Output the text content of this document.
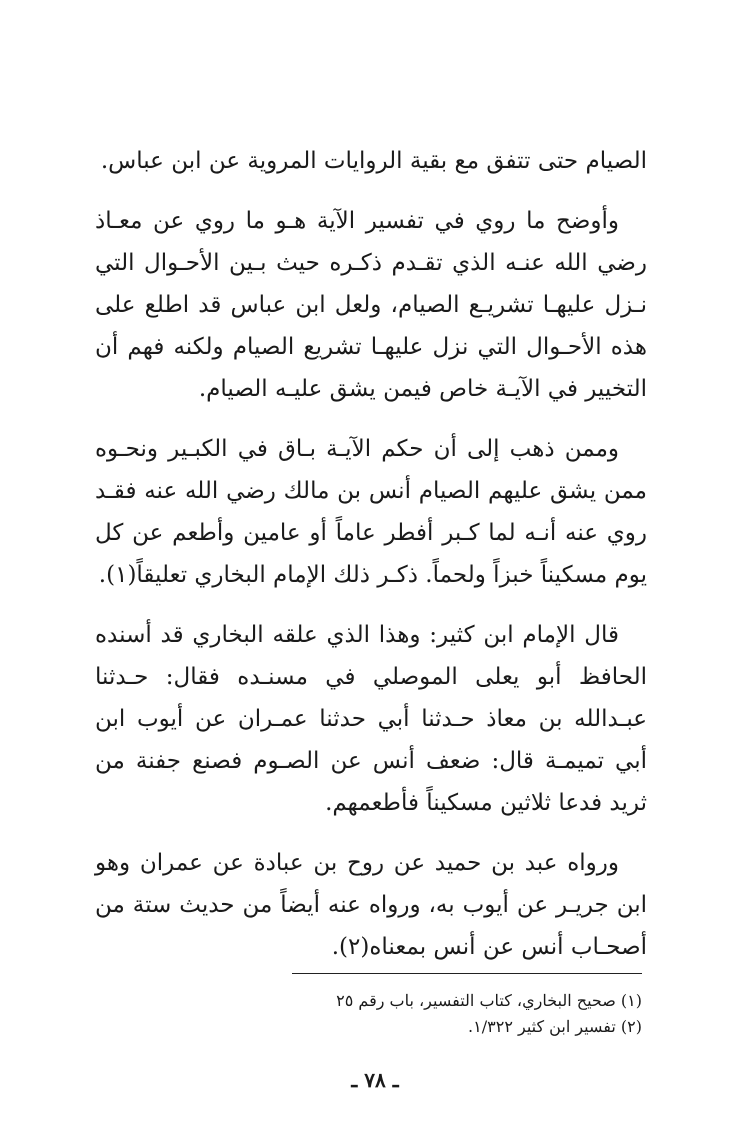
الصيام حتى تتفق مع بقية الروايات المروية عن ابن عباس.

وأوضح ما روي في تفسير الآية هـو ما روي عن معـاذ رضي الله عنـه الذي تقـدم ذكـره حيث بـين الأحـوال التي نـزل عليهـا تشريـع الصيام، ولعل ابن عباس قد اطلع على هذه الأحـوال التي نزل عليهـا تشريع الصيام ولكنه فهم أن التخيير في الآيـة خاص فيمن يشق عليـه الصيام.

وممن ذهب إلى أن حكم الآيـة بـاق في الكبـير ونحـوه ممن يشق عليهم الصيام أنس بن مالك رضي الله عنه فقـد روي عنه أنـه لما كـبر أفطر عاماً أو عامين وأطعم عن كل يوم مسكيناً خبزاً ولحماً. ذكـر ذلك الإمام البخاري تعليقاً(١).

قال الإمام ابن كثير: وهذا الذي علقه البخاري قد أسنده الحافظ أبو يعلى الموصلي في مسنـده فقال: حـدثنا عبـدالله بن معاذ حـدثنا أبي حدثنا عمـران عن أيوب ابن أبي تميمـة قال: ضعف أنس عن الصـوم فصنع جفنة من ثريد فدعا ثلاثين مسكيناً فأطعمهم.

ورواه عبد بن حميد عن روح بن عبادة عن عمران وهو ابن جريـر عن أيوب به، ورواه عنه أيضاً من حديث ستة من أصحـاب أنس عن أنس بمعناه(٢).

(١) صحيح البخاري، كتاب التفسير، باب رقم ٢٥

(٢) تفسير ابن كثير ١/٣٢٢.

ـ ٧٨ ـ
